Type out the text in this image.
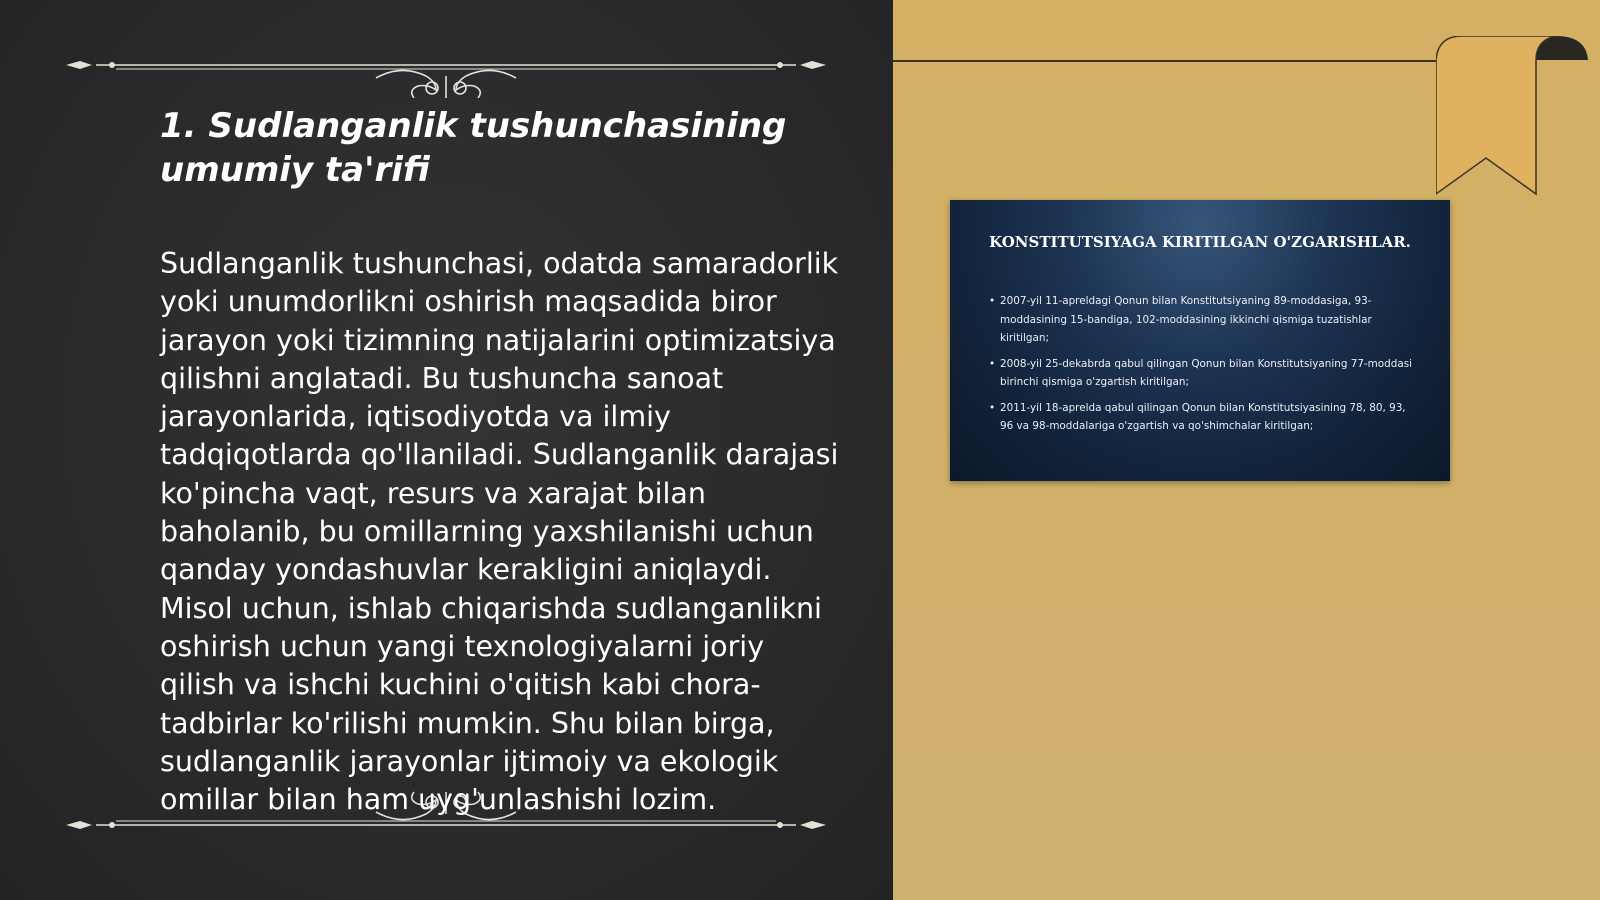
1. Sudlanganlik tushunchasining umumiy ta'rifi

Sudlanganlik tushunchasi, odatda samaradorlik yoki unumdorlikni oshirish maqsadida biror jarayon yoki tizimning natijalarini optimizatsiya qilishni anglatadi. Bu tushuncha sanoat jarayonlarida, iqtisodiyotda va ilmiy tadqiqotlarda qo'llaniladi. Sudlanganlik darajasi ko'pincha vaqt, resurs va xarajat bilan baholanib, bu omillarning yaxshilanishi uchun qanday yondashuvlar kerakligini aniqlaydi. Misol uchun, ishlab chiqarishda sudlanganlikni oshirish uchun yangi texnologiyalarni joriy qilish va ishchi kuchini o'qitish kabi chora-tadbirlar ko'rilishi mumkin. Shu bilan birga, sudlanganlik jarayonlar ijtimoiy va ekologik omillar bilan ham uyg'unlashishi lozim.

KONSTITUTSIYAGA KIRITILGAN O'ZGARISHLAR.
• 2007-yil 11-apreldagi Qonun bilan Konstitutsiyaning 89-moddasiga, 93-moddasining 15-bandiga, 102-moddasining ikkinchi qismiga tuzatishlar kiritilgan;
• 2008-yil 25-dekabrda qabul qilingan Qonun bilan Konstitutsiyaning 77-moddasi birinchi qismiga o'zgartish kiritilgan;
• 2011-yil 18-aprelda qabul qilingan Qonun bilan Konstitutsiyasining 78, 80, 93, 96 va 98-moddalariga o'zgartish va qo'shimchalar kiritilgan;
